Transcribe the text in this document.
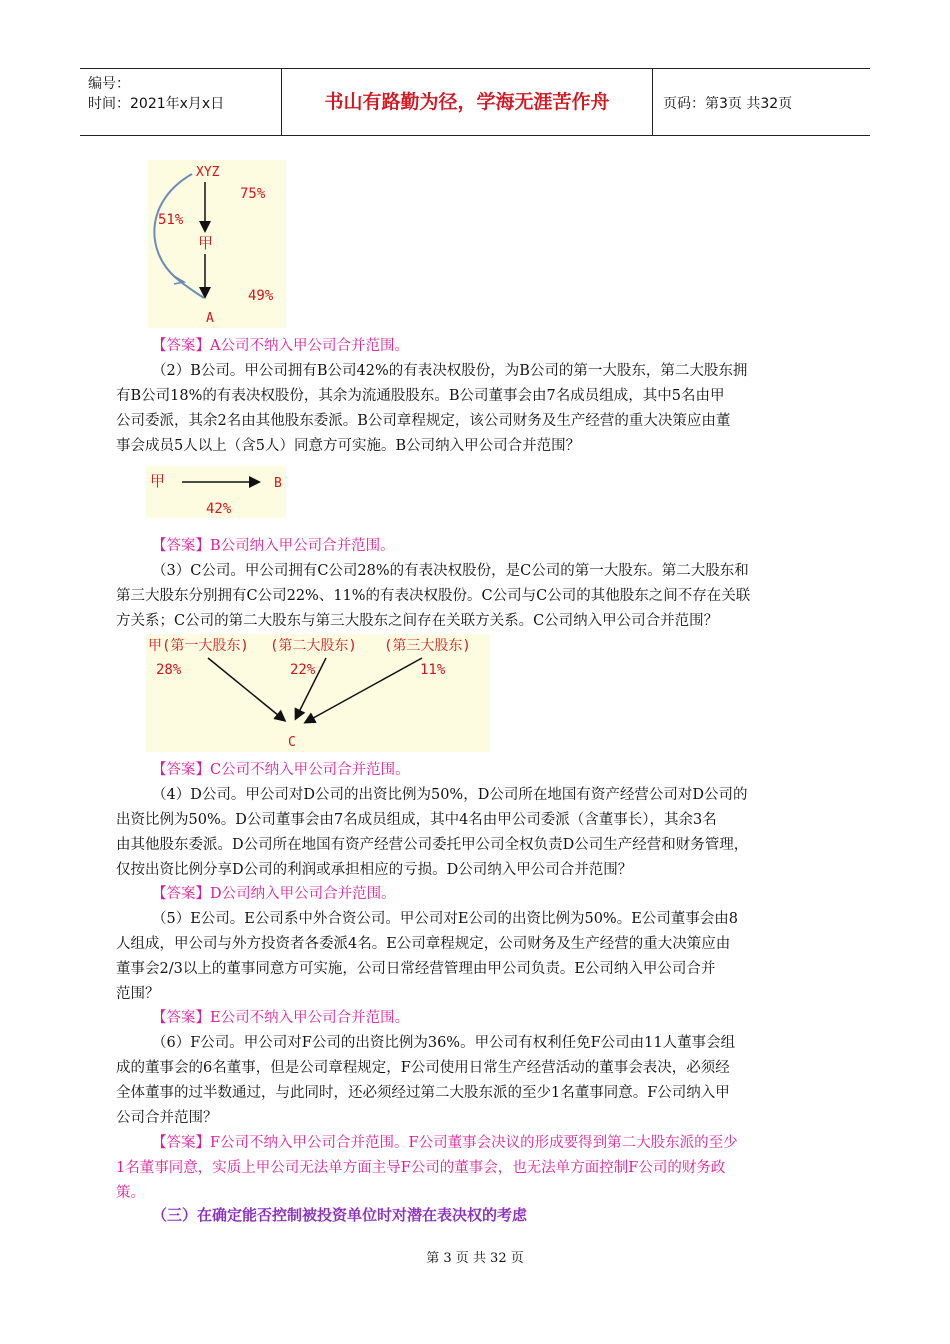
编号：
时间：2021年x月x日	书山有路勤为径，学海无涯苦作舟	页码：第3页 共32页
XYZ
75%
51%
甲
49%
A
【答案】A公司不纳入甲公司合并范围。
（2）B公司。甲公司拥有B公司42%的有表决权股份，为B公司的第一大股东，第二大股东拥
有B公司18%的有表决权股份，其余为流通股股东。B公司董事会由7名成员组成，其中5名由甲
公司委派，其余2名由其他股东委派。B公司章程规定，该公司财务及生产经营的重大决策应由董
事会成员5人以上（含5人）同意方可实施。B公司纳入甲公司合并范围？
甲	B
42%
【答案】B公司纳入甲公司合并范围。
（3）C公司。甲公司拥有C公司28%的有表决权股份，是C公司的第一大股东。第二大股东和
第三大股东分别拥有C公司22%、11%的有表决权股份。C公司与C公司的其他股东之间不存在关联
方关系；C公司的第二大股东与第三大股东之间存在关联方关系。C公司纳入甲公司合并范围？
甲(第一大股东) (第二大股东) (第三大股东)
28%	22%	11%
C
【答案】C公司不纳入甲公司合并范围。
（4）D公司。甲公司对D公司的出资比例为50%，D公司所在地国有资产经营公司对D公司的
出资比例为50%。D公司董事会由7名成员组成，其中4名由甲公司委派（含董事长），其余3名
由其他股东委派。D公司所在地国有资产经营公司委托甲公司全权负责D公司生产经营和财务管理，
仅按出资比例分享D公司的利润或承担相应的亏损。D公司纳入甲公司合并范围？
【答案】D公司纳入甲公司合并范围。
（5）E公司。E公司系中外合资公司。甲公司对E公司的出资比例为50%。E公司董事会由8
人组成，甲公司与外方投资者各委派4名。E公司章程规定，公司财务及生产经营的重大决策应由
董事会2/3以上的董事同意方可实施，公司日常经营管理由甲公司负责。E公司纳入甲公司合并
范围？
【答案】E公司不纳入甲公司合并范围。
（6）F公司。甲公司对F公司的出资比例为36%。甲公司有权利任免F公司由11人董事会组
成的董事会的6名董事，但是公司章程规定，F公司使用日常生产经营活动的董事会表决，必须经
全体董事的过半数通过，与此同时，还必须经过第二大股东派的至少1名董事同意。F公司纳入甲
公司合并范围？
【答案】F公司不纳入甲公司合并范围。F公司董事会决议的形成要得到第二大股东派的至少
1名董事同意，实质上甲公司无法单方面主导F公司的董事会，也无法单方面控制F公司的财务政
策。
（三）在确定能否控制被投资单位时对潜在表决权的考虑
第 3 页 共 32 页
